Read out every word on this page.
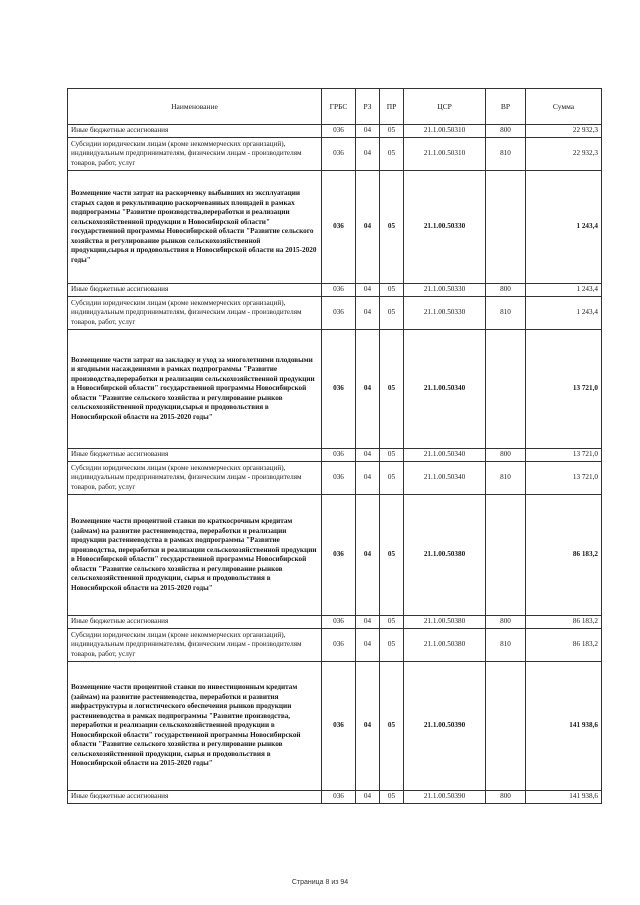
Наименование	ГРБС	РЗ	ПР	ЦСР	ВР	Сумма
Иные бюджетные ассигнования	036	04	05	21.1.00.50310	800	22 932,3
Субсидии юридическим лицам (кроме некоммерческих организаций), индивидуальным предпринимателям, физическим лицам - производителям товаров, работ, услуг	036	04	05	21.1.00.50310	810	22 932,3
Возмещение части затрат на раскорчевку выбывших из эксплуатации старых садов и рекультивацию раскорчеванных площадей в рамках подпрограммы "Развитие производства,переработки и реализации сельскохозяйственной продукции в Новосибирской области" государственной программы Новосибирской области "Развитие сельского хозяйства и регулирование рынков сельскохозяйственной продукции,сырья и продовольствия в Новосибирской области на 2015-2020 годы"	036	04	05	21.1.00.50330		1 243,4
Иные бюджетные ассигнования	036	04	05	21.1.00.50330	800	1 243,4
Субсидии юридическим лицам (кроме некоммерческих организаций), индивидуальным предпринимателям, физическим лицам - производителям товаров, работ, услуг	036	04	05	21.1.00.50330	810	1 243,4
Возмещение части затрат на закладку и уход за многолетними плодовыми и ягодными насаждениями в рамках подпрограммы "Развитие производства,переработки и реализации сельскохозяйственной продукции в Новосибирской области" государственной программы Новосибирской области "Развитие сельского хозяйства и регулирование рынков сельскохозяйственной продукции,сырья и продовольствия в Новосибирской области на 2015-2020 годы"	036	04	05	21.1.00.50340		13 721,0
Иные бюджетные ассигнования	036	04	05	21.1.00.50340	800	13 721,0
Субсидии юридическим лицам (кроме некоммерческих организаций), индивидуальным предпринимателям, физическим лицам - производителям товаров, работ, услуг	036	04	05	21.1.00.50340	810	13 721,0
Возмещение части процентной ставки по краткосрочным кредитам (займам) на развитие растениеводства, переработки и реализации продукции растениеводства в рамках подпрограммы "Развитие производства, переработки и реализации сельскохозяйственной продукции в Новосибирской области" государственной программы Новосибирской области "Развитие сельского хозяйства и регулирование рынков сельскохозяйственной продукции, сырья и продовольствия в Новосибирской области на 2015-2020 годы"	036	04	05	21.1.00.50380		86 183,2
Иные бюджетные ассигнования	036	04	05	21.1.00.50380	800	86 183,2
Субсидии юридическим лицам (кроме некоммерческих организаций), индивидуальным предпринимателям, физическим лицам - производителям товаров, работ, услуг	036	04	05	21.1.00.50380	810	86 183,2
Возмещение части процентной ставки по инвестиционным кредитам (займам) на развитие растениеводства, переработки и развития инфраструктуры и логистического обеспечения рынков продукции растениеводства в рамках подпрограммы "Развитие производства, переработки и реализации сельскохозяйственной продукции в Новосибирской области" государственной программы Новосибирской области "Развитие сельского хозяйства и регулирование рынков сельскохозяйственной продукции, сырья и продовольствия в Новосибирской области на 2015-2020 годы"	036	04	05	21.1.00.50390		141 938,6
Иные бюджетные ассигнования	036	04	05	21.1.00.50390	800	141 938,6
Страница 8 из 94
